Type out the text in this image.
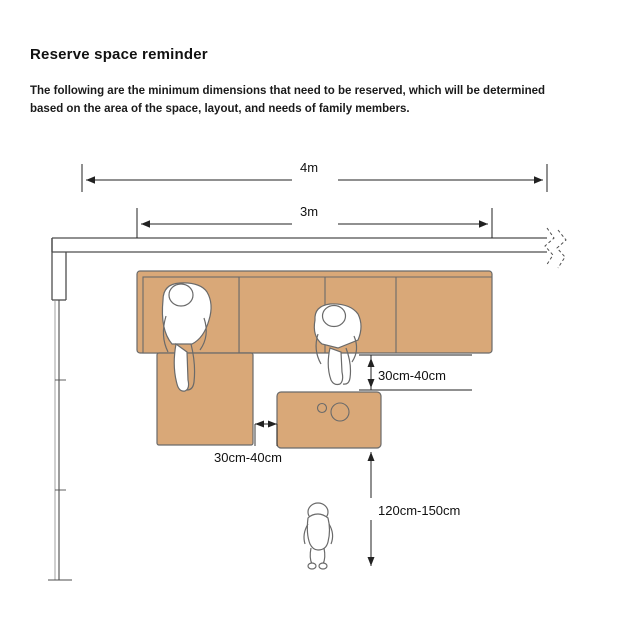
Reserve space reminder
The following are the minimum dimensions that need to be reserved, which will be determined based on the area of the space, layout, and needs of family members.
4m
3m
30cm-40cm
30cm-40cm
120cm-150cm
